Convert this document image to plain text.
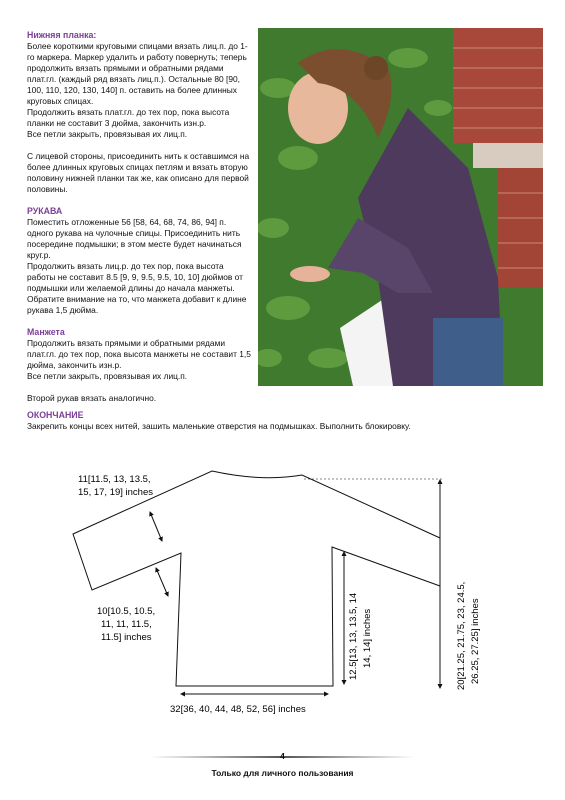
Нижняя планка:

Более короткими круговыми спицами вязать лиц.п. до 1-го маркера. Маркер удалить и работу повернуть; теперь продолжить вязать прямыми и обратными рядами плат.гл. (каждый ряд вязать лиц.п.). Остальные 80 [90, 100, 110, 120, 130, 140] п. оставить на более длинных круговых спицах.

Продолжить вязать плат.гл. до тех пор, пока высота планки не составит 3 дюйма, закончить изн.р.

Все петли закрыть, провязывая их лиц.п.

С лицевой стороны, присоединить нить к оставшимся на более длинных круговых спицах петлям и вязать вторую половину нижней планки так же, как описано для первой половины.

РУКАВА

Поместить отложенные 56 [58, 64, 68, 74, 86, 94] п. одного рукава на чулочные спицы. Присоединить нить посередине подмышки; в этом месте будет начинаться круг.р.

Продолжить вязать лиц.р. до тех пор, пока высота работы не составит 8.5 [9, 9, 9.5, 9.5, 10, 10] дюймов от подмышки или желаемой длины до начала манжеты. Обратите внимание на то, что манжета добавит к длине рукава 1,5 дюйма.

Манжета

Продолжить вязать прямыми и обратными рядами плат.гл. до тех пор, пока высота манжеты не составит 1,5 дюйма, закончить изн.р.

Все петли закрыть, провязывая их лиц.п.

Второй рукав вязать аналогично.

ОКОНЧАНИЕ

Закрепить концы всех нитей, зашить маленькие отверстия на подмышках. Выполнить блокировку.

11[11.5, 13, 13.5,
15, 17, 19] inches
10[10.5, 10.5,
11, 11, 11.5,
11.5] inches	12.5[13, 13, 13.5, 14 14, 14] inches	20[21.25, 21.75, 23, 24.5, 26.25, 27.25] inches
32[36, 40, 44, 48, 52, 56] inches
4
Только для личного пользования
